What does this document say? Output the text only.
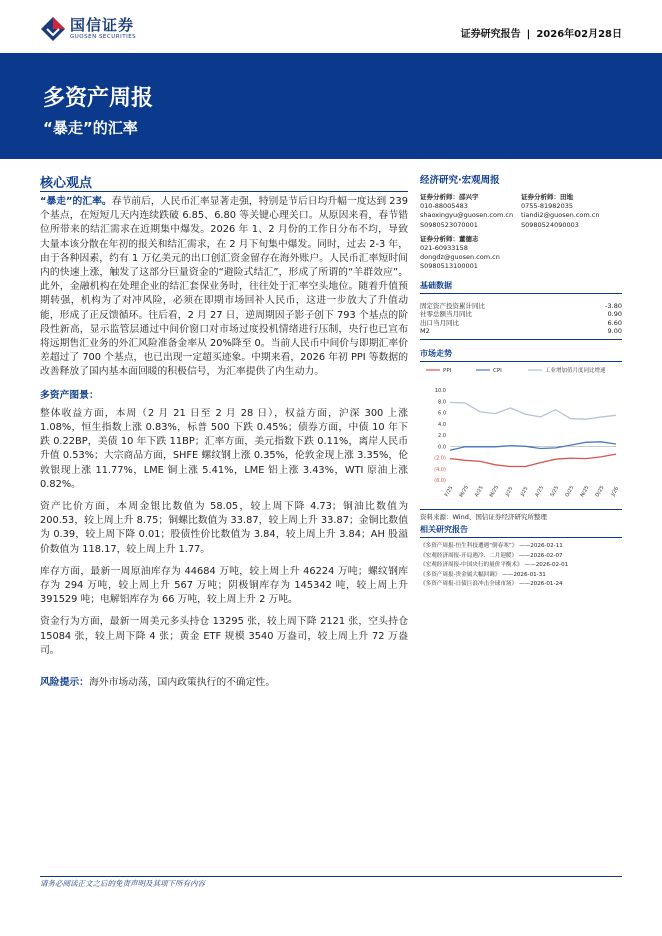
国信证券
GUOSEN SECURITIES	证券研究报告 | 2026年02月28日
多资产周报
“暴走”的汇率
核心观点

“暴走”的汇率。春节前后，人民币汇率显著走强，特别是节后日均升幅一度达到 239 个基点，在短短几天内连续跌破 6.85、6.80 等关键心理关口。从原因来看，春节错位所带来的结汇需求在近期集中爆发。2026 年 1、2 月份的工作日分布不均，导致大量本该分散在年初的报关和结汇需求，在 2 月下旬集中爆发。同时，过去 2-3 年，由于各种因素，约有 1 万亿美元的出口创汇资金留存在海外账户。人民币汇率短时间内的快速上涨，触发了这部分巨量资金的“避险式结汇”，形成了所谓的“羊群效应”。此外，金融机构在处理企业的结汇套保业务时，往往处于汇率空头地位。随着升值预期转强，机构为了对冲风险，必须在即期市场回补人民币，这进一步放大了升值动能，形成了正反馈循环。往后看，2 月 27 日，逆周期因子影子创下 793 个基点的阶段性新高，显示监管层通过中间价窗口对市场过度投机情绪进行压制，央行也已宣布将远期售汇业务的外汇风险准备金率从 20%降至 0。当前人民币中间价与即期汇率价差超过了 700 个基点，也已出现一定超买迹象。中期来看，2026 年初 PPI 等数据的改善释放了国内基本面回暖的积极信号，为汇率提供了内生动力。

多资产图景：

整体收益方面，本周（2 月 21 日至 2 月 28 日），权益方面，沪深 300 上涨 1.08%，恒生指数上涨 0.83%，标普 500 下跌 0.45%；债券方面，中债 10 年下跌 0.22BP，美债 10 年下跌 11BP；汇率方面，美元指数下跌 0.11%，离岸人民币升值 0.53%；大宗商品方面，SHFE 螺纹钢上涨 0.35%，伦敦金现上涨 3.35%，伦敦银现上涨 11.77%，LME 铜上涨 5.41%，LME 铝上涨 3.43%，WTI 原油上涨 0.82%。

资产比价方面，本周金银比数值为 58.05，较上周下降 4.73；铜油比数值为 200.53，较上周上升 8.75；铜螺比数值为 33.87，较上周上升 33.87；金铜比数值为 0.39，较上周下降 0.01；股债性价比数值为 3.84，较上周上升 3.84；AH 股溢价数值为 118.17，较上周上升 1.77。

库存方面，最新一周原油库存为 44684 万吨，较上周上升 46224 万吨；螺纹钢库存为 294 万吨，较上周上升 567 万吨；阴极铜库存为 145342 吨，较上周上升 391529 吨；电解铝库存为 66 万吨，较上周上升 2 万吨。

资金行为方面，最新一周美元多头持仓 13295 张，较上周下降 2121 张，空头持仓 15084 张，较上周下降 4 张；黄金 ETF 规模 3540 万盎司，较上周上升 72 万盎司。

风险提示：海外市场动荡，国内政策执行的不确定性。

经济研究·宏观周报
证券分析师：邵兴宇
010-88005483
shaoxingyu@guosen.com.cn
S0980523070001
证券分析师：田地
0755-81982035
tiandi2@guosen.com.cn
S0980524090003
证券分析师：董德志
021-60933158
dongdz@guosen.com.cn
S0980513100001
基础数据
固定资产投资累计同比	-3.80
社零总额当月同比	0.90
出口当月同比	6.60
M2	9.00
市场走势
PPI	CPI	工业增加值月度同比增速
10.0
8.0
6.0
4.0
2.0
0.0
(2.0)
(4.0)
(6.0)
F/25 M/25 A/25 M/25 J/25 J/25 A/25 S/25 O/25 N/25 D/25 J/26
资料来源：Wind、国信证券经济研究所整理
相关研究报告
《多资产周报-恒生科技遭遇“倒春寒”》 ——2026-02-11
《宏观经济周报-开局遇冷、二月迎暖》 ——2026-02-07
《宏观经济周报-中国央行的量价平衡术》 ——2026-02-01
《多资产周报-贵金属大幅回调》 ——2026-01-31
《多资产周报-日债巨浪冲击全球市场》 ——2026-01-24
请务必阅读正文之后的免责声明及其项下所有内容
